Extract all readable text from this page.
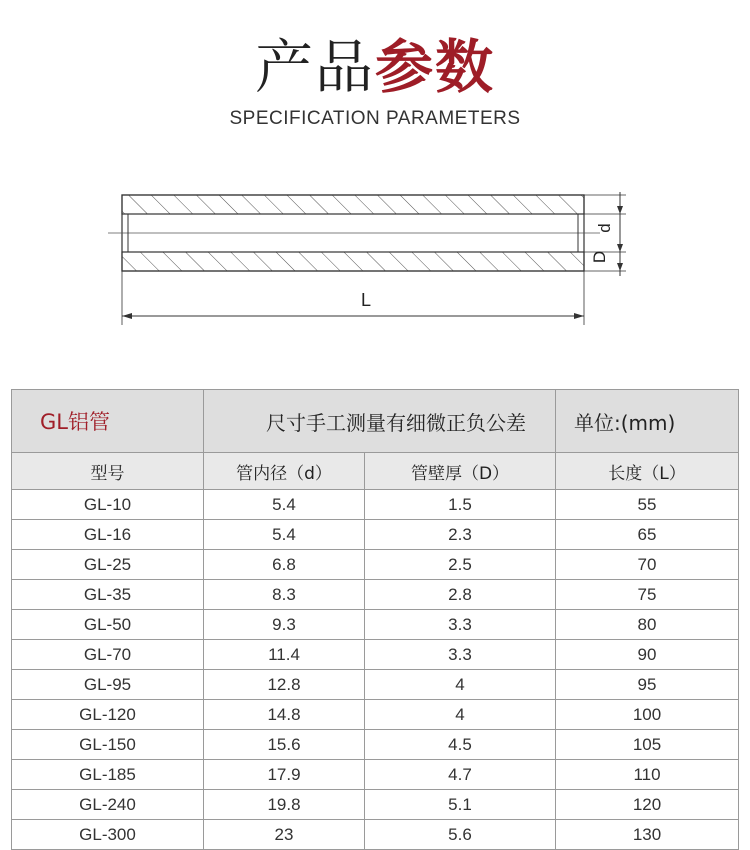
产品参数
SPECIFICATION PARAMETERS
d
D
L
GL铝管	尺寸手工测量有细微正负公差		单位:(mm)
型号	管内径（d）	管壁厚（D）	长度（L）
GL-10	5.4	1.5	55
GL-16	5.4	2.3	65
GL-25	6.8	2.5	70
GL-35	8.3	2.8	75
GL-50	9.3	3.3	80
GL-70	11.4	3.3	90
GL-95	12.8	4	95
GL-120	14.8	4	100
GL-150	15.6	4.5	105
GL-185	17.9	4.7	110
GL-240	19.8	5.1	120
GL-300	23	5.6	130
